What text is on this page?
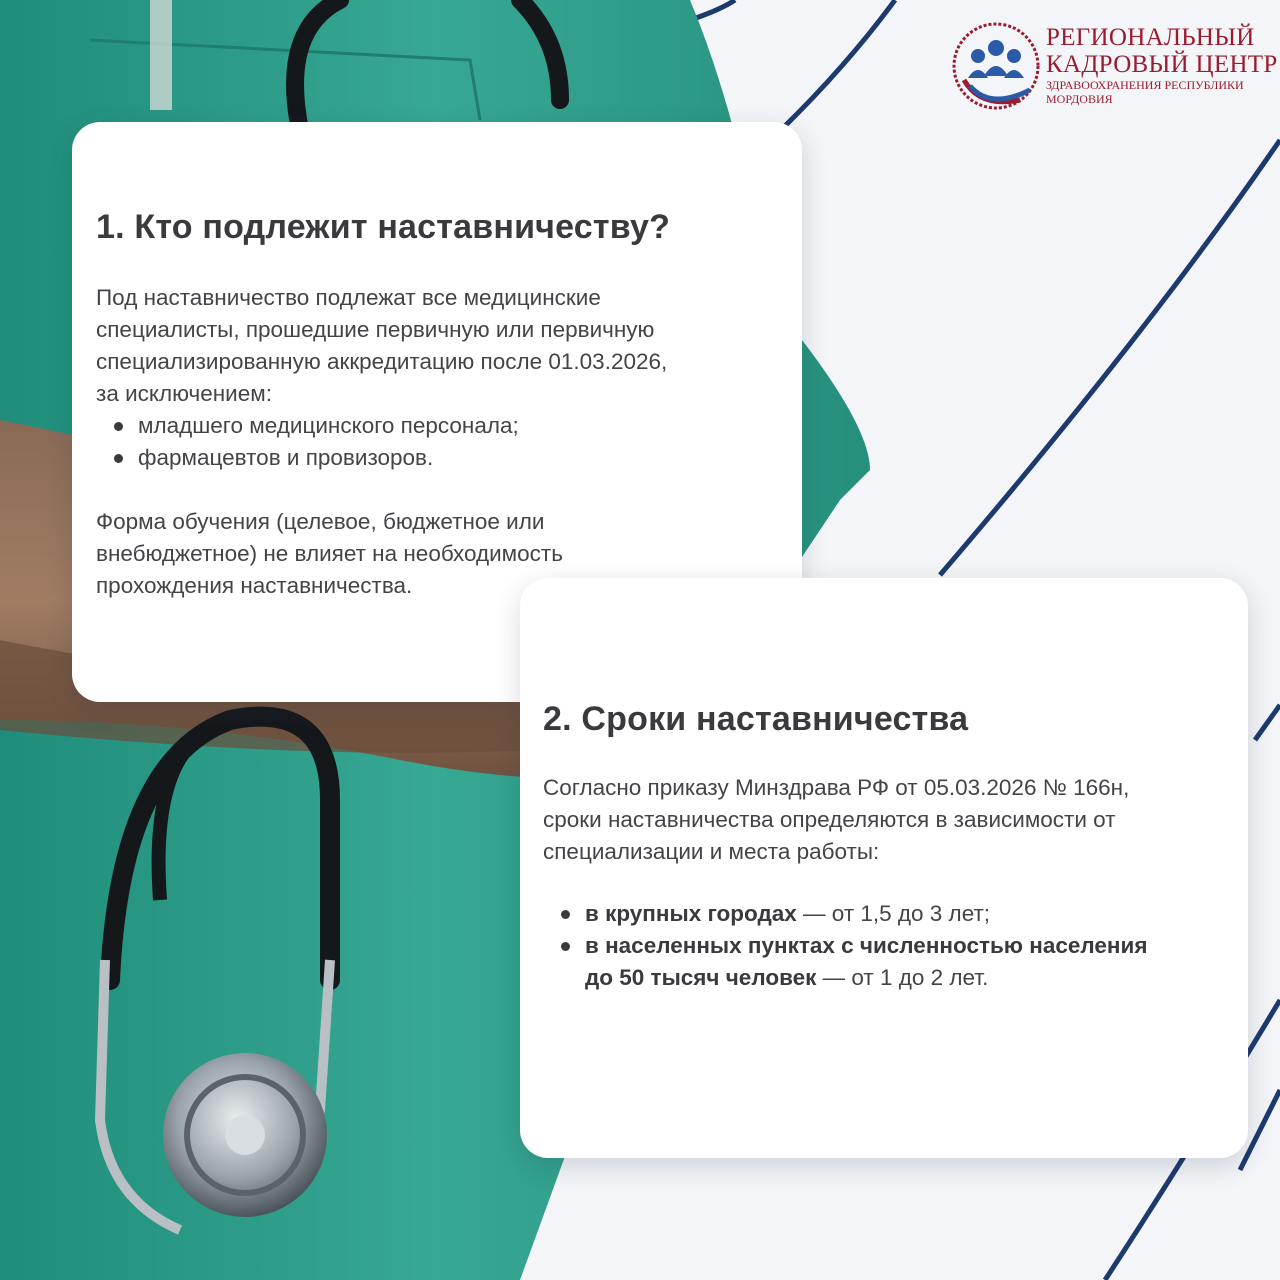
РЕГИОНАЛЬНЫЙ
КАДРОВЫЙ ЦЕНТР
ЗДРАВООХРАНЕНИЯ РЕСПУБЛИКИ
МОРДОВИЯ
1. Кто подлежит наставничеству?

Под наставничество подлежат все медицинские
специалисты, прошедшие первичную или первичную
специализированную аккредитацию после 01.03.2026,
за исключением:

младшего медицинского персонала;
фармацевтов и провизоров.

Форма обучения (целевое, бюджетное или
внебюджетное) не влияет на необходимость
прохождения наставничества.

2. Сроки наставничества

Согласно приказу Минздрава РФ от 05.03.2026 № 166н,
сроки наставничества определяются в зависимости от
специализации и места работы:

в крупных городах — от 1,5 до 3 лет;
в населенных пунктах с численностью населения
до 50 тысяч человек — от 1 до 2 лет.
